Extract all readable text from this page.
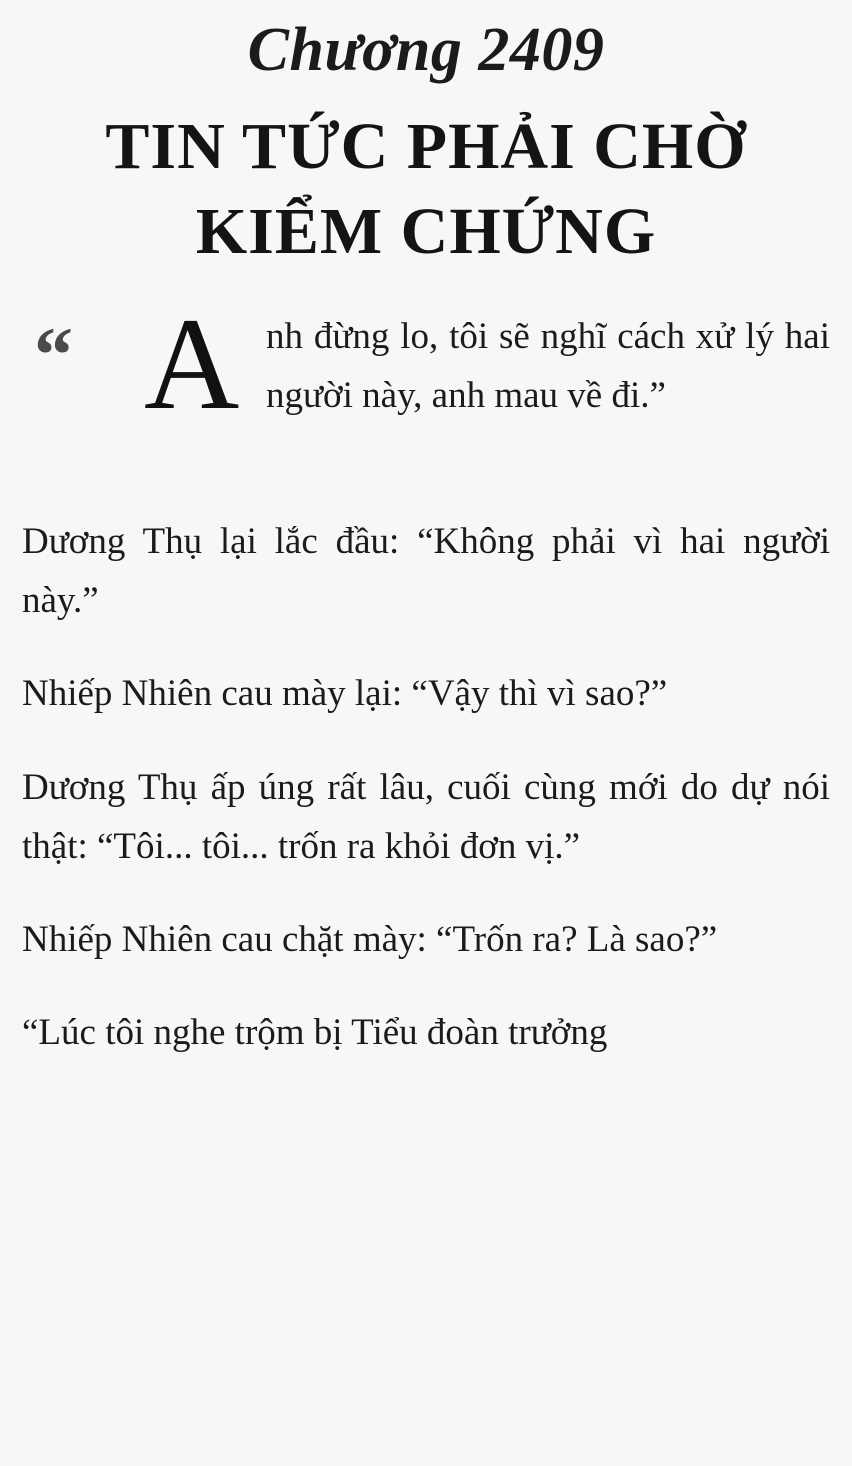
Chương 2409
TIN TỨC PHẢI CHỜ KIỂM CHỨNG
“ A nh đừng lo, tôi sẽ nghĩ cách xử lý hai người này, anh mau về đi.”

Dương Thụ lại lắc đầu: “Không phải vì hai người này.”

Nhiếp Nhiên cau mày lại: “Vậy thì vì sao?”

Dương Thụ ấp úng rất lâu, cuối cùng mới do dự nói thật: “Tôi... tôi... trốn ra khỏi đơn vị.”

Nhiếp Nhiên cau chặt mày: “Trốn ra? Là sao?”

“Lúc tôi nghe trộm bị Tiểu đoàn trưởng
